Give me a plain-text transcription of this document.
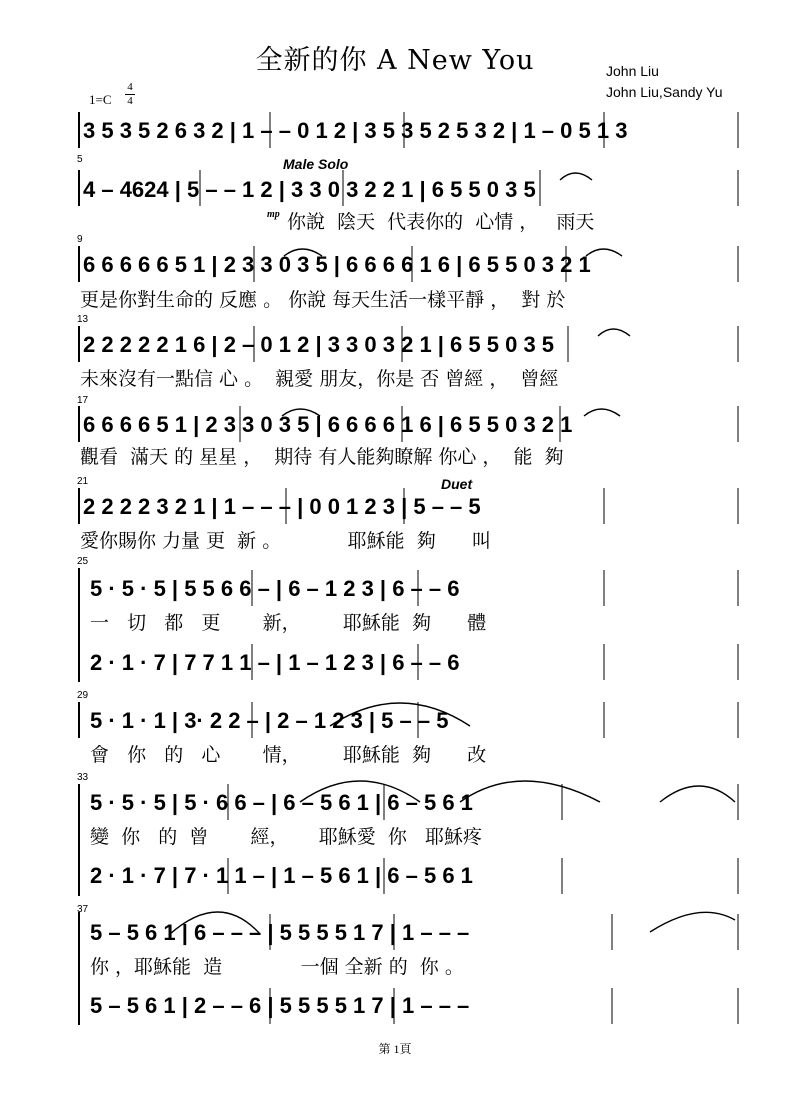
全新的你 A New You	John Liu
John Liu,Sandy Yu
1=C
4
4
5
9
13
17
21
25
29
33
37
Male Solo
Duet
mp
3 5 3 5 2 6 3 2 | 1 – – 0 1 2 | 3 5 3 5 2 5 3 2 | 1 – 0 5 1 3
4 – 4624 | 5 – – 1 2 | 3 3 0 3 2 2 1 | 6 5 5 0 3 5
6 6 6 6 6 5 1 | 2 3 3 0 3 5 | 6 6 6 6 1 6 | 6 5 5 0 3 2 1
2 2 2 2 2 1 6 | 2 – 0 1 2 | 3 3 0 3 2 1 | 6 5 5 0 3 5
6 6 6 6 5 1 | 2 3 3 0 3 5 | 6 6 6 6 1 6 | 6 5 5 0 3 2 1
2 2 2 2 3 2 1 | 1 – – – | 0 0 1 2 3 | 5 – – 5
5 · 5 · 5 | 5 5 6 6 – | 6 – 1 2 3 | 6 – – 6
2 · 1 · 7 | 7 7 1 1 – | 1 – 1 2 3 | 6 – – 6
5 · 1 · 1 | 3· 2 2 – | 2 – 1 2 3 | 5 – – 5
5 · 5 · 5 | 5 · 6 6 – | 6 – 5 6 1 | 6 – 5 6 1
2 · 1 · 7 | 7 · 1 1 – | 1 – 5 6 1 | 6 – 5 6 1
5 – 5 6 1 | 6 – – – | 5 5 5 5 1 7 | 1 – – –
5 – 5 6 1 | 2 – – 6 | 5 5 5 5 1 7 | 1 – – –
你說  陰天  代表你的  心情 ，   雨天
更是你對生命的 反應 。 你說 每天生活一樣平靜 ，  對 於
未來沒有一點信 心 。  親愛 朋友，你是 否 曾經 ，  曾經
觀看  滿天 的 星星 ，  期待 有人能夠瞭解 你心 ，  能  夠
愛你賜你 力量 更  新 。           耶穌能  夠      叫
一   切   都   更       新，       耶穌能  夠      體
會   你   的   心       情，       耶穌能  夠      改
變  你   的  曾       經，     耶穌愛  你   耶穌疼
你 ，耶穌能  造             一個 全新 的  你 。
第 1頁
